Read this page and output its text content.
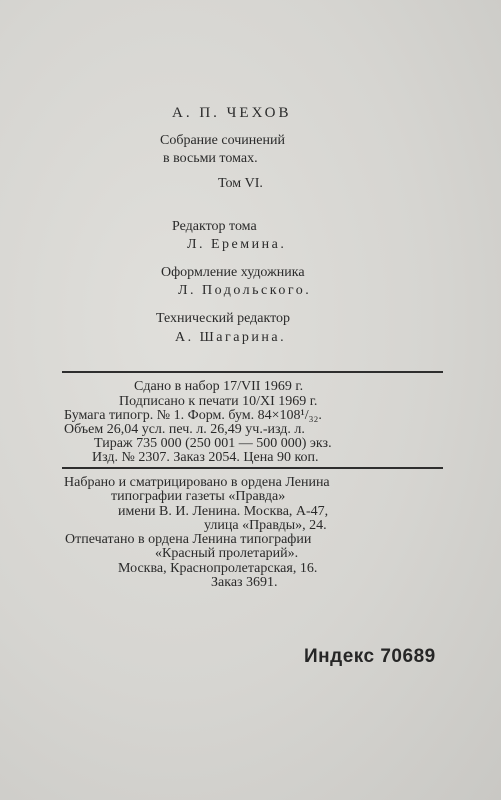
А. П. ЧЕХОВ
Собрание сочинений
в восьми томах.
Том VI.
Редактор тома
Л. Еремина.
Оформление художника
Л. Подольского.
Технический редактор
А. Шагарина.
Сдано в набор 17/VII 1969 г.
Подписано к печати 10/XI 1969 г.
Бумага типогр. № 1. Форм. бум. 84×108¹/₃₂.
Объем 26,04 усл. печ. л. 26,49 уч.-изд. л.
Тираж 735 000 (250 001 — 500 000) экз.
Изд. № 2307. Заказ 2054. Цена 90 коп.
Набрано и сматрицировано в ордена Ленина
типографии газеты «Правда»
имени В. И. Ленина. Москва, А-47,
улица «Правды», 24.
Отпечатано в ордена Ленина типографии
«Красный пролетарий».
Москва, Краснопролетарская, 16.
Заказ 3691.
Индекс 70689
